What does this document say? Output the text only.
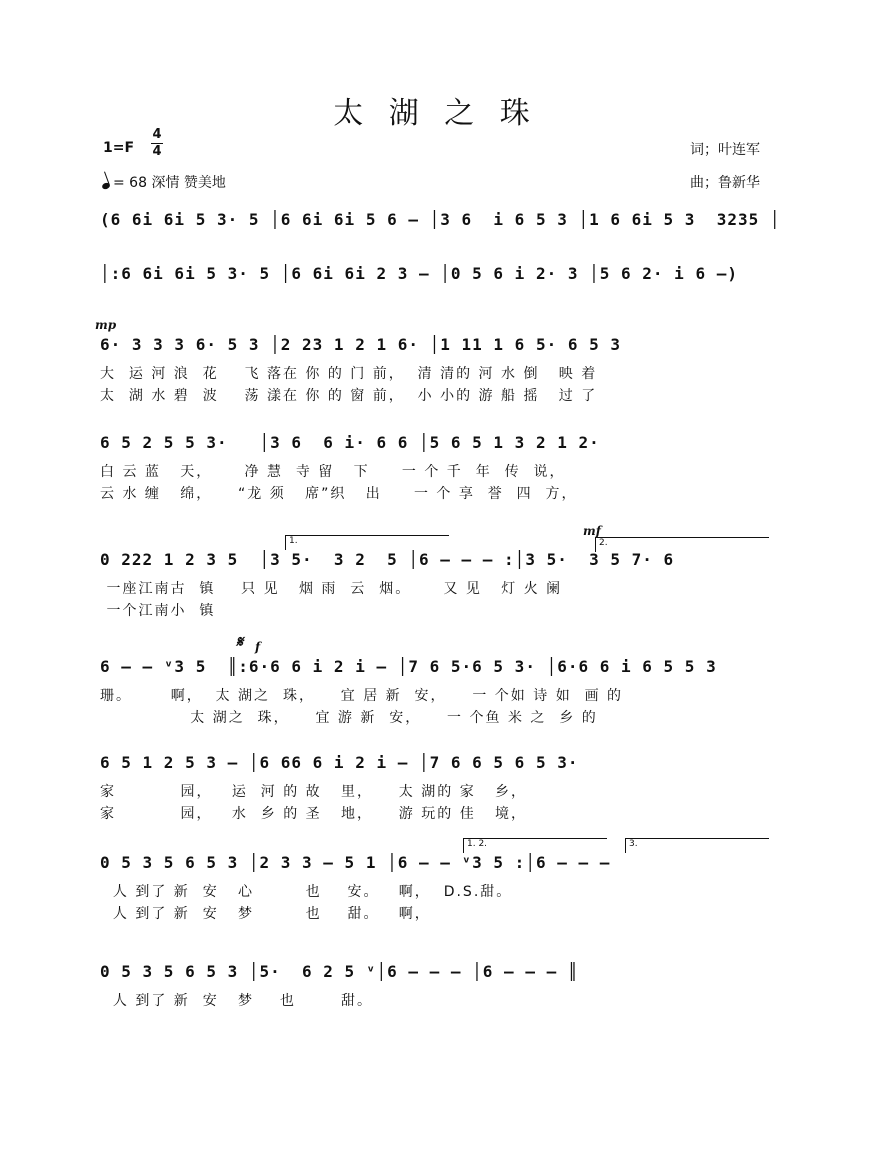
太 湖 之 珠
1=F
4
4
= 68 深情 赞美地
词；叶连军
曲；鲁新华
(6 6i 6i 5 3· 5 │6 6i 6i 5 6 – │3 6  i 6 5 3 │1 6 6i 5 3  3235 │
│:6 6i 6i 5 3· 5 │6 6i 6i 2 3 – │0 5 6 i 2· 3 │5 6 2· i 6 –)
mp
6· 3 3 3 6· 5 3 │2 23 1 2 1 6· │1 11 1 6 5· 6 5 3
大  运 河 浪  花    飞 落在 你 的 门 前，  清 清的 河 水 倒   映 着
太  湖 水 碧  波    荡 漾在 你 的 窗 前，  小 小的 游 船 摇   过 了
6 5 2 5 5 3·   │3 6  6 i· 6 6 │5 6 5 1 3 2 1 2·
白 云 蓝   天，     净 慧  寺 留   下     一 个 千  年  传  说，
云 水 缠   绵，    “龙 须   席”织   出     一 个 享  誉  四  方，
1.
mf
2.
0 222 1 2 3 5  │3 5·  3 2  5 │6 – – – :│3 5·  3 5 7· 6
一座江南古  镇    只 见   烟 雨  云  烟。     又 见   灯 火 阑
一个江南小  镇
𝄋 f
6 – – ᵛ3 5  ║:6·6 6 i 2 i – │7 6 5·6 5 3· │6·6 6 i 6 5 5 3
珊。      啊，  太 湖之  珠，    宜 居 新  安，    一 个如 诗 如  画 的
太 湖之  珠，    宜 游 新  安，    一 个鱼 米 之  乡 的
6 5 1 2 5 3 – │6 66 6 i 2 i – │7 6 6 5 6 5 3·
家          园，   运  河 的 故   里，    太 湖的 家   乡，
家          园，   水  乡 的 圣   地，    游 玩的 佳   境，
1. 2.	3.
0 5 3 5 6 5 3 │2 3 3 – 5 1 │6 – – ᵛ3 5 :│6 – – –
人 到了 新  安   心        也    安。   啊，  D.S.甜。
人 到了 新  安   梦        也    甜。   啊，
0 5 3 5 6 5 3 │5·  6 2 5 ᵛ│6 – – – │6 – – – ║
人 到了 新  安   梦    也       甜。
